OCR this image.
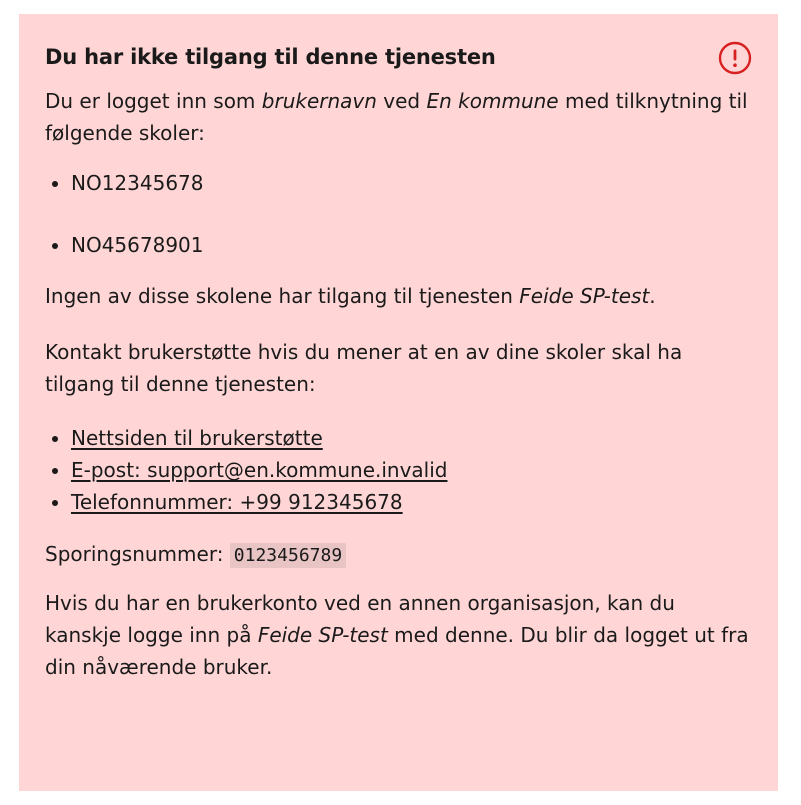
Du har ikke tilgang til denne tjenesten

Du er logget inn som brukernavn ved En kommune med tilknytning til følgende skoler:

• NO12345678
• NO45678901

Ingen av disse skolene har tilgang til tjenesten Feide SP-test.

Kontakt brukerstøtte hvis du mener at en av dine skoler skal ha tilgang til denne tjenesten:

• Nettsiden til brukerstøtte
• E-post: support@en.kommune.invalid
• Telefonnummer: +99 912345678

Sporingsnummer: 0123456789

Hvis du har en brukerkonto ved en annen organisasjon, kan du kanskje logge inn på Feide SP-test med denne. Du blir da logget ut fra din nåværende bruker.
